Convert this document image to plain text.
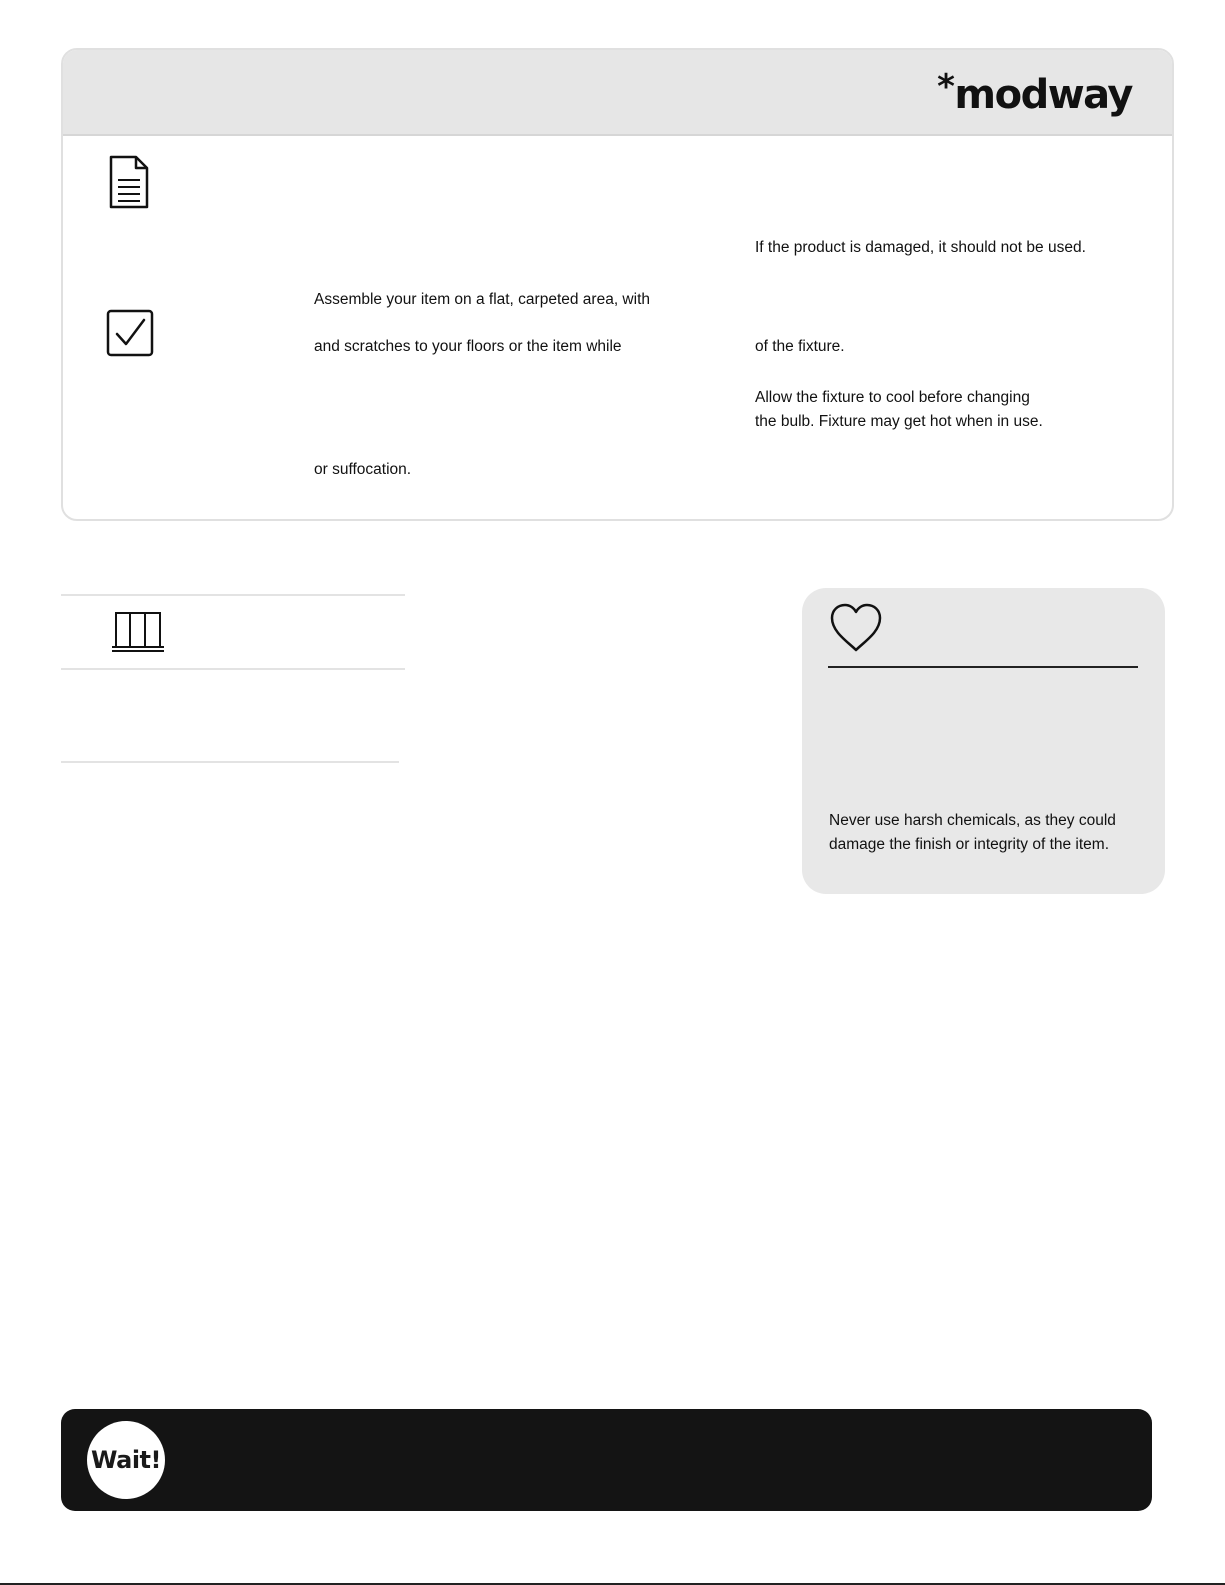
*modway
Assemble your item on a flat, carpeted area, with
and scratches to your floors or the item while
or suffocation.
If the product is damaged, it should not be used.
of the fixture.
Allow the fixture to cool before changing
the bulb. Fixture may get hot when in use.
Never use harsh chemicals, as they could
damage the finish or integrity of the item.
Wait!
